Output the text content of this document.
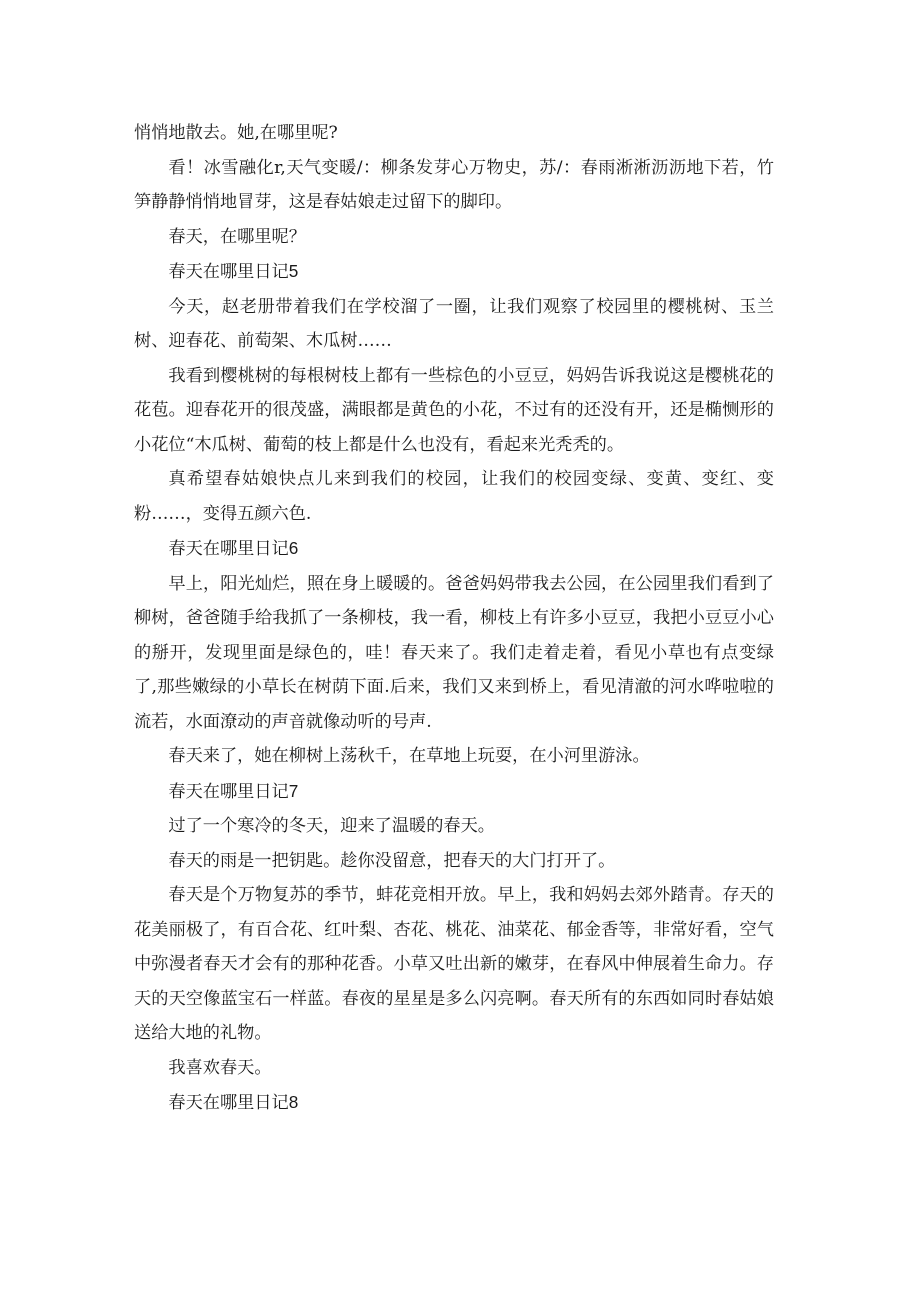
悄悄地散去。她,在哪里呢?

看！冰雪融化r,天气变暖/：柳条发芽心万物史，苏/：春雨淅淅沥沥地下若，竹笋静静悄悄地冒芽，这是春姑娘走过留下的脚印。

春天，在哪里呢？

春天在哪里日记5

今天，赵老册带着我们在学校溜了一圈，让我们观察了校园里的樱桃树、玉兰树、迎春花、前萄架、木瓜树……

我看到樱桃树的每根树枝上都有一些棕色的小豆豆，妈妈告诉我说这是樱桃花的花苞。迎春花开的很茂盛，满眼都是黄色的小花，不过有的还没有开，还是椭恻形的小花位“木瓜树、葡萄的枝上都是什么也没有，看起来光秃秃的。

真希望春姑娘快点儿来到我们的校园，让我们的校园变绿、变黄、变红、变粉……，变得五颜六色.

春天在哪里日记6

早上，阳光灿烂，照在身上暖暖的。爸爸妈妈带我去公园，在公园里我们看到了柳树，爸爸随手给我抓了一条柳枝，我一看，柳枝上有许多小豆豆，我把小豆豆小心的掰开，发现里面是绿色的，哇！春天来了。我们走着走着，看见小草也有点变绿了,那些嫩绿的小草长在树荫下面.后来，我们又来到桥上，看见清澈的河水哗啦啦的流若，水面潦动的声音就像动听的号声.

春天来了，她在柳树上荡秋千，在草地上玩耍，在小河里游泳。

春天在哪里日记7

过了一个寒冷的冬天，迎来了温暖的春天。

春天的雨是一把钥匙。趁你没留意，把春天的大门打开了。

春天是个万物复苏的季节，蚌花竞相开放。早上，我和妈妈去郊外踏青。存天的花美丽极了，有百合花、红叶梨、杏花、桃花、油菜花、郁金香等，非常好看，空气中弥漫者春天才会有的那种花香。小草又吐出新的嫩芽，在春风中伸展着生命力。存天的天空像蓝宝石一样蓝。春夜的星星是多么闪亮啊。春天所有的东西如同时春姑娘送给大地的礼物。

我喜欢春天。

春天在哪里日记8
